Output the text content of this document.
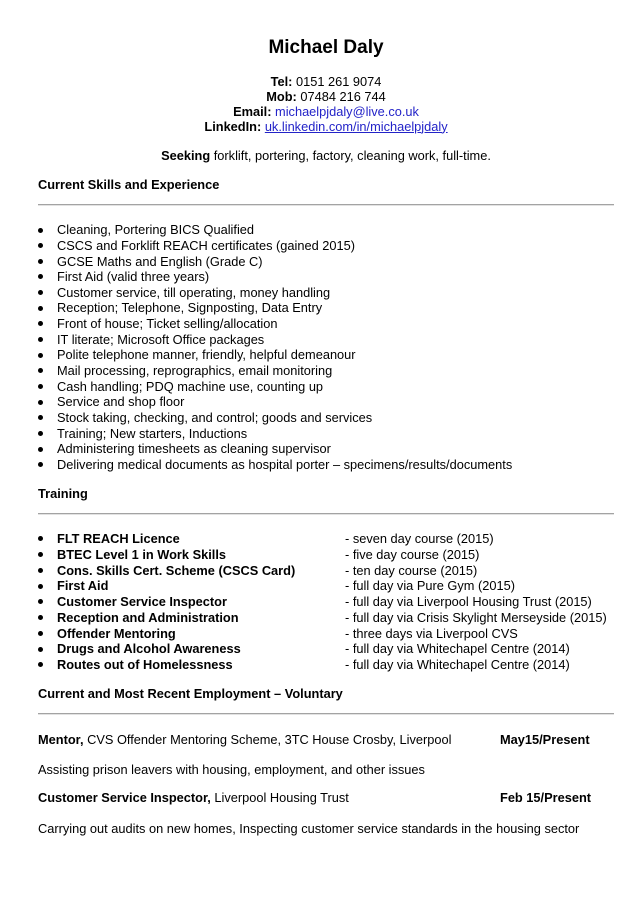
Michael Daly
Tel: 0151 261 9074
Mob: 07484 216 744
Email: michaelpjdaly@live.co.uk
LinkedIn: uk.linkedin.com/in/michaelpjdaly
Seeking forklift, portering, factory, cleaning work, full-time.
Current Skills and Experience
Cleaning, Portering BICS Qualified
CSCS and Forklift REACH certificates (gained 2015)
GCSE Maths and English (Grade C)
First Aid (valid three years)
Customer service, till operating, money handling
Reception; Telephone, Signposting, Data Entry
Front of house; Ticket selling/allocation
IT literate; Microsoft Office packages
Polite telephone manner, friendly, helpful demeanour
Mail processing, reprographics, email monitoring
Cash handling; PDQ machine use, counting up
Service and shop floor
Stock taking, checking, and control; goods and services
Training; New starters, Inductions
Administering timesheets as cleaning supervisor
Delivering medical documents as hospital porter – specimens/results/documents
Training
FLT REACH Licence	- seven day course (2015)
BTEC Level 1 in Work Skills	- five day course (2015)
Cons. Skills Cert. Scheme (CSCS Card)	- ten day course (2015)
First Aid	- full day via Pure Gym (2015)
Customer Service Inspector	- full day via Liverpool Housing Trust (2015)
Reception and Administration	- full day via Crisis Skylight Merseyside (2015)
Offender Mentoring	- three days via Liverpool CVS
Drugs and Alcohol Awareness	- full day via Whitechapel Centre (2014)
Routes out of Homelessness	- full day via Whitechapel Centre (2014)
Current and Most Recent Employment – Voluntary
Mentor, CVS Offender Mentoring Scheme, 3TC House Crosby, Liverpool	May15/Present
Assisting prison leavers with housing, employment, and other issues
Customer Service Inspector, Liverpool Housing Trust	Feb 15/Present
Carrying out audits on new homes, Inspecting customer service standards in the housing sector
